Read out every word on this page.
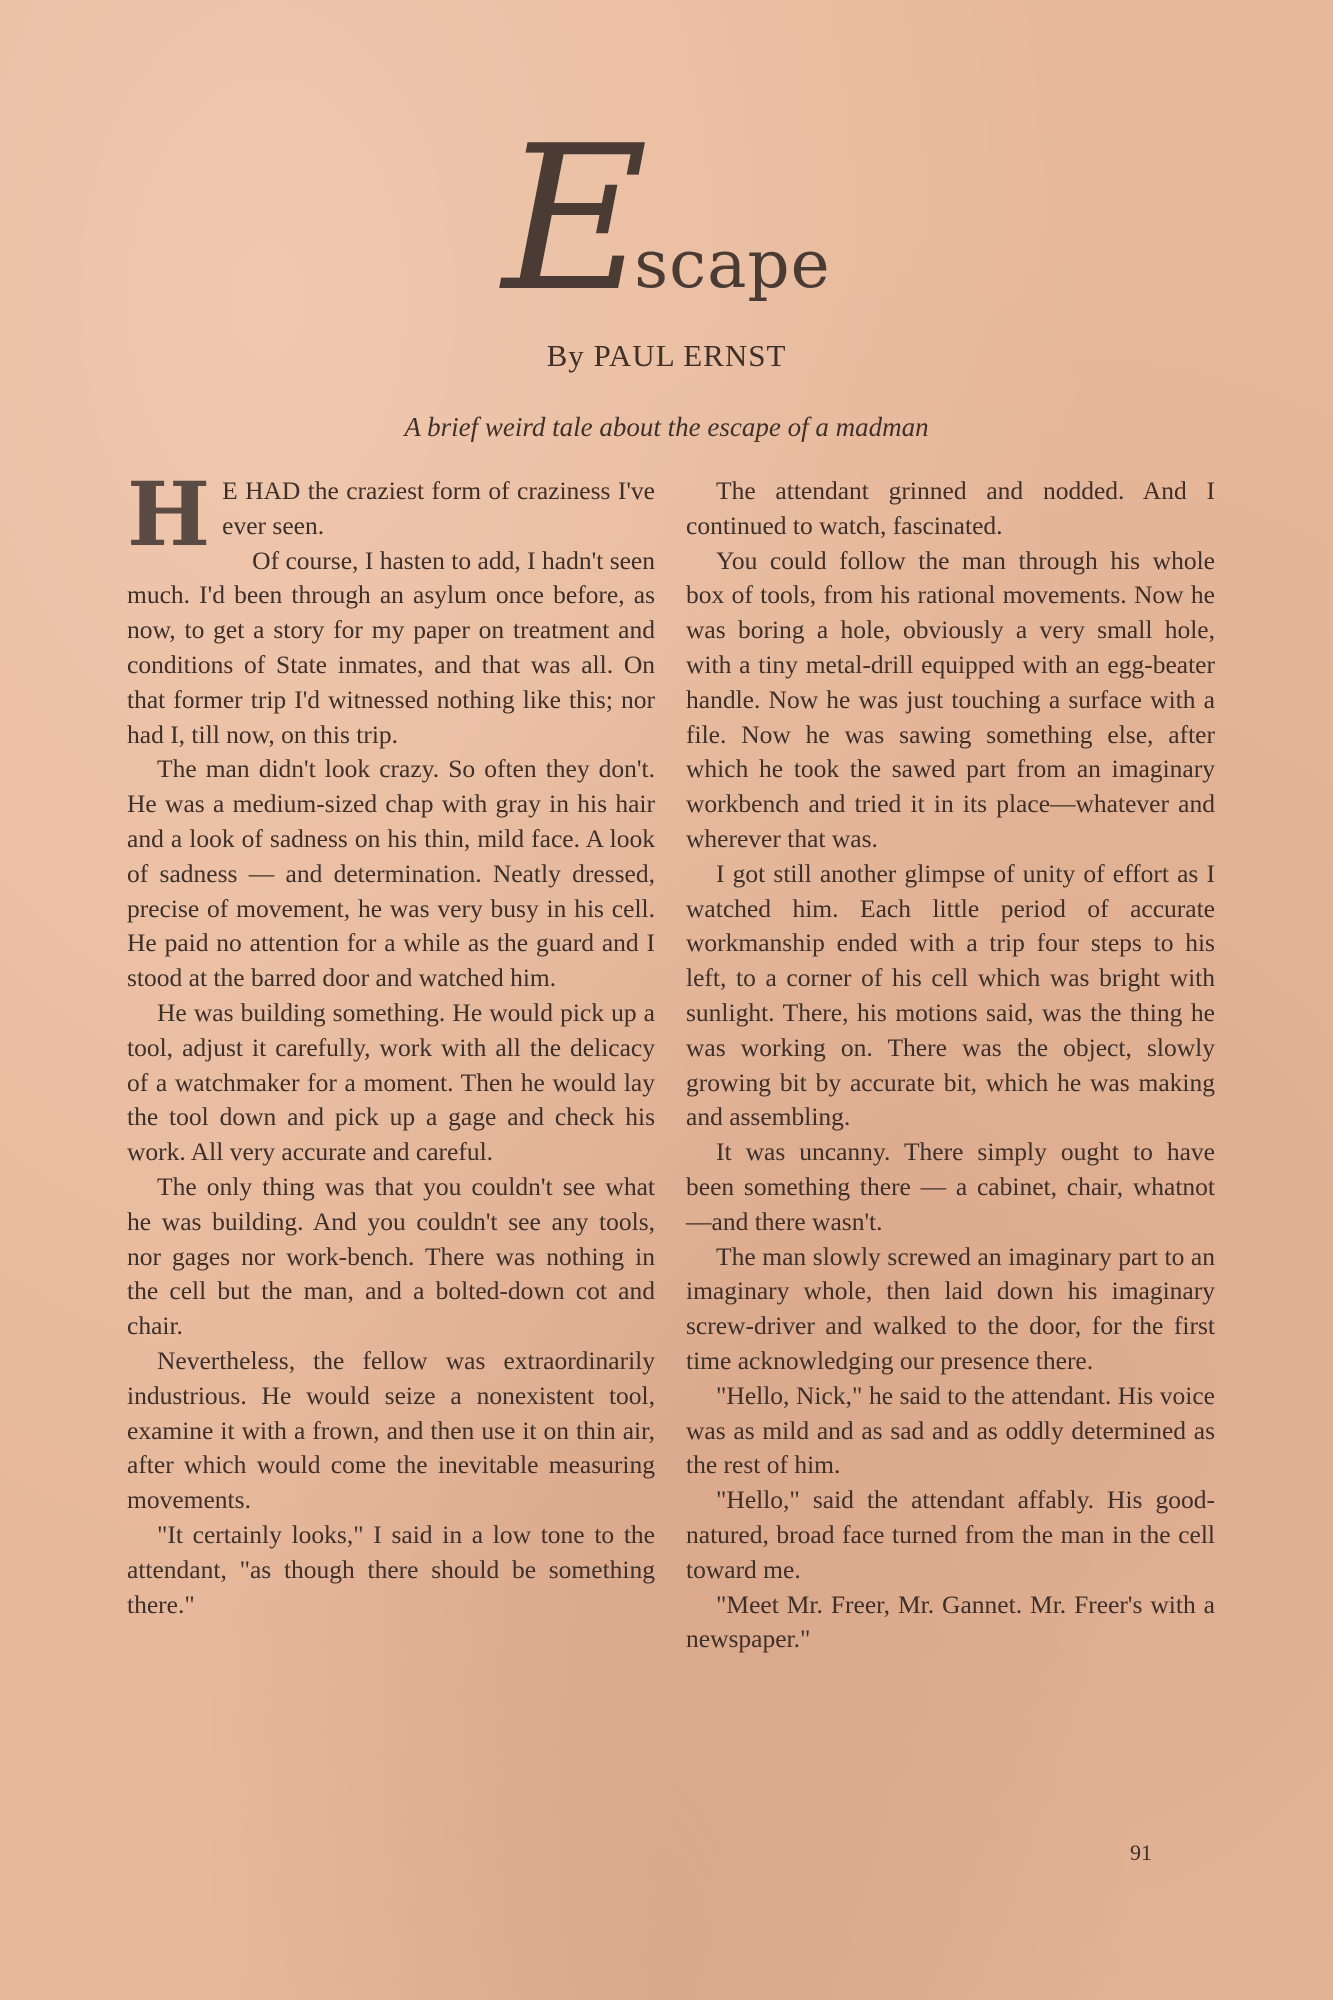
E
scape
By PAUL ERNST
A brief weird tale about the escape of a madman

H E HAD the craziest form of craziness I've ever seen.

Of course, I hasten to add, I hadn't seen much. I'd been through an asylum once before, as now, to get a story for my paper on treatment and conditions of State inmates, and that was all. On that former trip I'd witnessed nothing like this; nor had I, till now, on this trip.

The man didn't look crazy. So often they don't. He was a medium-sized chap with gray in his hair and a look of sadness on his thin, mild face. A look of sadness — and determination. Neatly dressed, precise of movement, he was very busy in his cell. He paid no attention for a while as the guard and I stood at the barred door and watched him.

He was building something. He would pick up a tool, adjust it carefully, work with all the delicacy of a watchmaker for a moment. Then he would lay the tool down and pick up a gage and check his work. All very accurate and careful.

The only thing was that you couldn't see what he was building. And you couldn't see any tools, nor gages nor work-bench. There was nothing in the cell but the man, and a bolted-down cot and chair.

Nevertheless, the fellow was extraordinarily industrious. He would seize a nonexistent tool, examine it with a frown, and then use it on thin air, after which would come the inevitable measuring movements.

"It certainly looks," I said in a low tone to the attendant, "as though there should be something there."

The attendant grinned and nodded. And I continued to watch, fascinated.

You could follow the man through his whole box of tools, from his rational movements. Now he was boring a hole, obviously a very small hole, with a tiny metal-drill equipped with an egg-beater handle. Now he was just touching a surface with a file. Now he was sawing something else, after which he took the sawed part from an imaginary workbench and tried it in its place—whatever and wherever that was.

I got still another glimpse of unity of effort as I watched him. Each little period of accurate workmanship ended with a trip four steps to his left, to a corner of his cell which was bright with sunlight. There, his motions said, was the thing he was working on. There was the object, slowly growing bit by accurate bit, which he was making and assembling.

It was uncanny. There simply ought to have been something there — a cabinet, chair, whatnot—and there wasn't.

The man slowly screwed an imaginary part to an imaginary whole, then laid down his imaginary screw-driver and walked to the door, for the first time acknowledging our presence there.

"Hello, Nick," he said to the attendant. His voice was as mild and as sad and as oddly determined as the rest of him.

"Hello," said the attendant affably. His good-natured, broad face turned from the man in the cell toward me.

"Meet Mr. Freer, Mr. Gannet. Mr. Freer's with a newspaper."

91
